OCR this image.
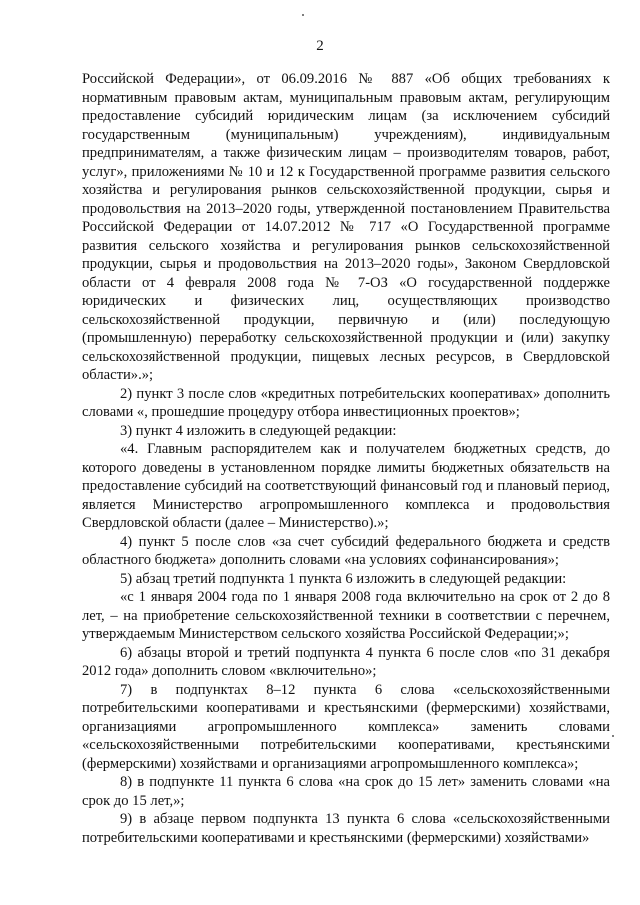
2

Российской Федерации», от 06.09.2016 № 887 «Об общих требованиях к нормативным правовым актам, муниципальным правовым актам, регулирующим предоставление субсидий юридическим лицам (за исключением субсидий государственным (муниципальным) учреждениям), индивидуальным предпринимателям, а также физическим лицам – производителям товаров, работ, услуг», приложениями № 10 и 12 к Государственной программе развития сельского хозяйства и регулирования рынков сельскохозяйственной продукции, сырья и продовольствия на 2013–2020 годы, утвержденной постановлением Правительства Российской Федерации от 14.07.2012 № 717 «О Государственной программе развития сельского хозяйства и регулирования рынков сельскохозяйственной продукции, сырья и продовольствия на 2013–2020 годы», Законом Свердловской области от 4 февраля 2008 года № 7-ОЗ «О государственной поддержке юридических и физических лиц, осуществляющих производство сельскохозяйственной продукции, первичную и (или) последующую (промышленную) переработку сельскохозяйственной продукции и (или) закупку сельскохозяйственной продукции, пищевых лесных ресурсов, в Свердловской области».»;

2) пункт 3 после слов «кредитных потребительских кооперативах» дополнить словами «, прошедшие процедуру отбора инвестиционных проектов»;

3) пункт 4 изложить в следующей редакции:

«4. Главным распорядителем как и получателем бюджетных средств, до которого доведены в установленном порядке лимиты бюджетных обязательств на предоставление субсидий на соответствующий финансовый год и плановый период, является Министерство агропромышленного комплекса и продовольствия Свердловской области (далее – Министерство).»;

4) пункт 5 после слов «за счет субсидий федерального бюджета и средств областного бюджета» дополнить словами «на условиях софинансирования»;

5) абзац третий подпункта 1 пункта 6 изложить в следующей редакции:

«с 1 января 2004 года по 1 января 2008 года включительно на срок от 2 до 8 лет, – на приобретение сельскохозяйственной техники в соответствии с перечнем, утверждаемым Министерством сельского хозяйства Российской Федерации;»;

6) абзацы второй и третий подпункта 4 пункта 6 после слов «по 31 декабря 2012 года» дополнить словом «включительно»;

7) в подпунктах 8–12 пункта 6 слова «сельскохозяйственными потребительскими кооперативами и крестьянскими (фермерскими) хозяйствами, организациями агропромышленного комплекса» заменить словами «сельскохозяйственными потребительскими кооперативами, крестьянскими (фермерскими) хозяйствами и организациями агропромышленного комплекса»;

8) в подпункте 11 пункта 6 слова «на срок до 15 лет» заменить словами «на срок до 15 лет,»;

9) в абзаце первом подпункта 13 пункта 6 слова «сельскохозяйственными потребительскими кооперативами и крестьянскими (фермерскими) хозяйствами»
